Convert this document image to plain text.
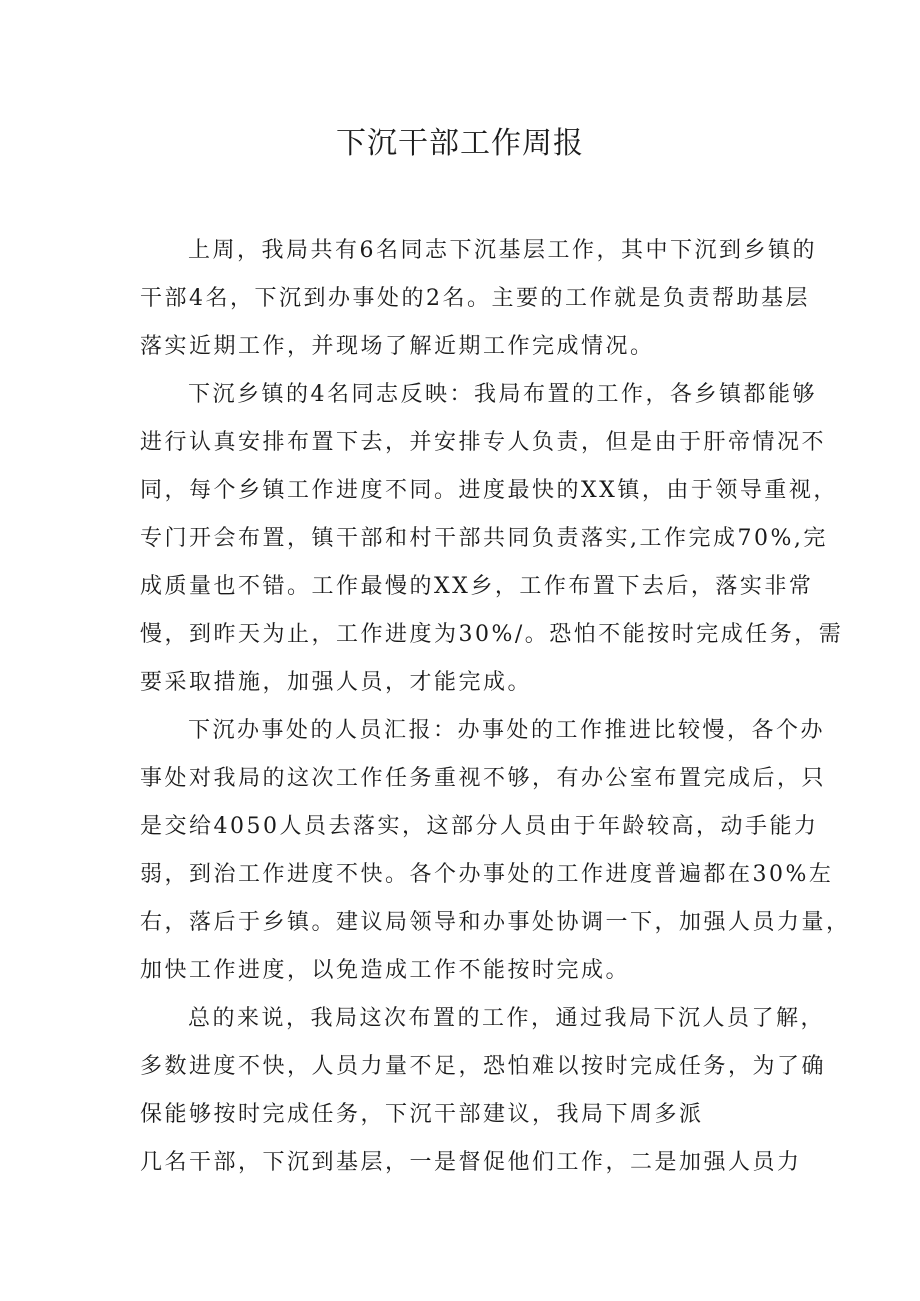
下沉干部工作周报
上周，我局共有6名同志下沉基层工作，其中下沉到乡镇的
干部4名，下沉到办事处的2名。主要的工作就是负责帮助基层
落实近期工作，并现场了解近期工作完成情况。
下沉乡镇的4名同志反映：我局布置的工作，各乡镇都能够
进行认真安排布置下去，并安排专人负责，但是由于肝帝情况不
同，每个乡镇工作进度不同。进度最快的XX镇，由于领导重视，
专门开会布置，镇干部和村干部共同负责落实,工作完成70%,完
成质量也不错。工作最慢的XX乡，工作布置下去后，落实非常
慢，到昨天为止，工作进度为30%/。恐怕不能按时完成任务，需
要采取措施，加强人员，才能完成。
下沉办事处的人员汇报：办事处的工作推进比较慢，各个办
事处对我局的这次工作任务重视不够，有办公室布置完成后，只
是交给4050人员去落实，这部分人员由于年龄较高，动手能力
弱，到治工作进度不快。各个办事处的工作进度普遍都在30%左
右，落后于乡镇。建议局领导和办事处协调一下，加强人员力量，
加快工作进度，以免造成工作不能按时完成。
总的来说，我局这次布置的工作，通过我局下沉人员了解，
多数进度不快，人员力量不足，恐怕难以按时完成任务，为了确
保能够按时完成任务，下沉干部建议，我局下周多派
几名干部，下沉到基层，一是督促他们工作，二是加强人员力
